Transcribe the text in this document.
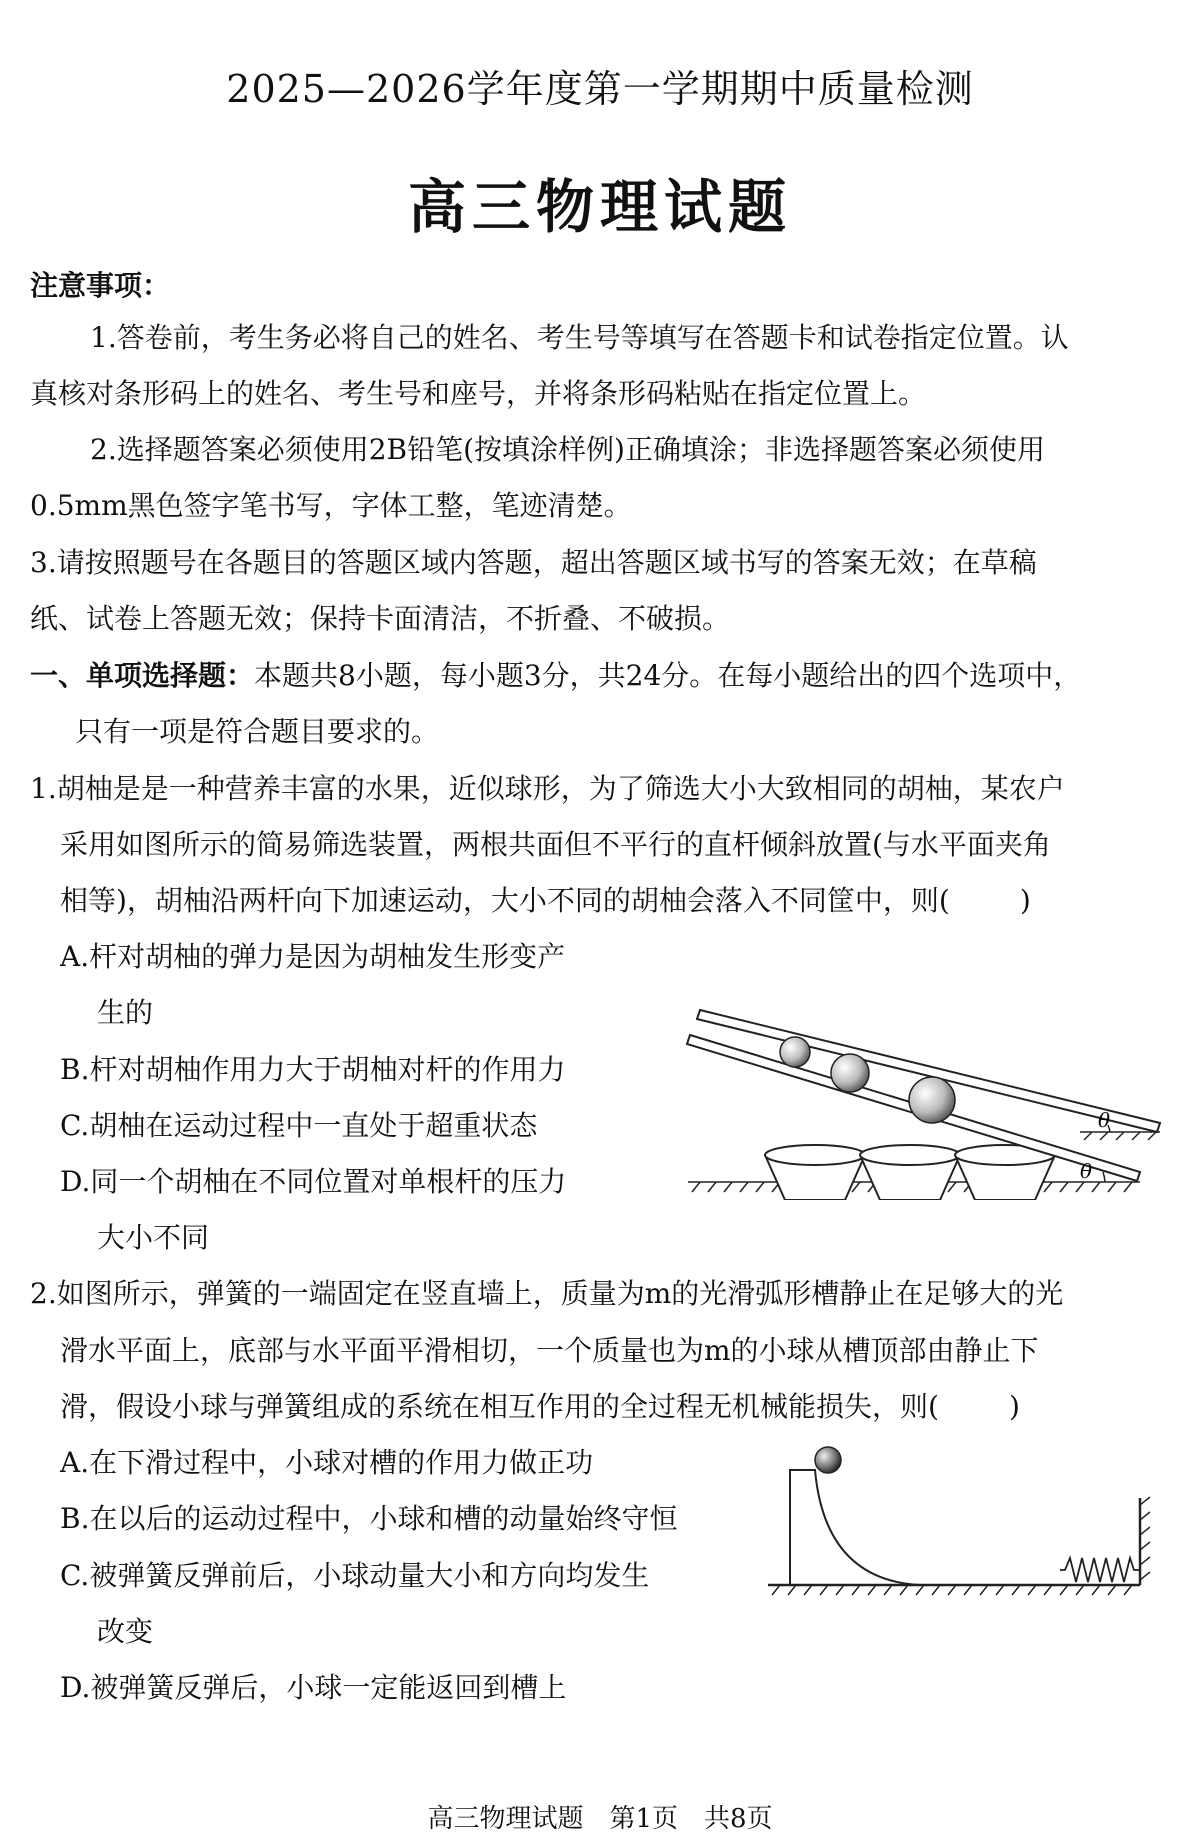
2025—2026学年度第一学期期中质量检测
高三物理试题
注意事项：
1.答卷前，考生务必将自己的姓名、考生号等填写在答题卡和试卷指定位置。认
真核对条形码上的姓名、考生号和座号，并将条形码粘贴在指定位置上。
2.选择题答案必须使用2B铅笔(按填涂样例)正确填涂；非选择题答案必须使用
0.5mm黑色签字笔书写，字体工整，笔迹清楚。
3.请按照题号在各题目的答题区域内答题，超出答题区域书写的答案无效；在草稿
纸、试卷上答题无效；保持卡面清洁，不折叠、不破损。
一、单项选择题：本题共8小题，每小题3分，共24分。在每小题给出的四个选项中，
只有一项是符合题目要求的。
1.胡柚是是一种营养丰富的水果，近似球形，为了筛选大小大致相同的胡柚，某农户
采用如图所示的简易筛选装置，两根共面但不平行的直杆倾斜放置(与水平面夹角
相等)，胡柚沿两杆向下加速运动，大小不同的胡柚会落入不同筐中，则(	)
A.杆对胡柚的弹力是因为胡柚发生形变产
生的
B.杆对胡柚作用力大于胡柚对杆的作用力
C.胡柚在运动过程中一直处于超重状态
D.同一个胡柚在不同位置对单根杆的压力
大小不同
θ
θ
2.如图所示，弹簧的一端固定在竖直墙上，质量为m的光滑弧形槽静止在足够大的光
滑水平面上，底部与水平面平滑相切，一个质量也为m的小球从槽顶部由静止下
滑，假设小球与弹簧组成的系统在相互作用的全过程无机械能损失，则(	)
A.在下滑过程中，小球对槽的作用力做正功
B.在以后的运动过程中，小球和槽的动量始终守恒
C.被弹簧反弹前后，小球动量大小和方向均发生
改变
D.被弹簧反弹后，小球一定能返回到槽上
高三物理试题　第1页　共8页
